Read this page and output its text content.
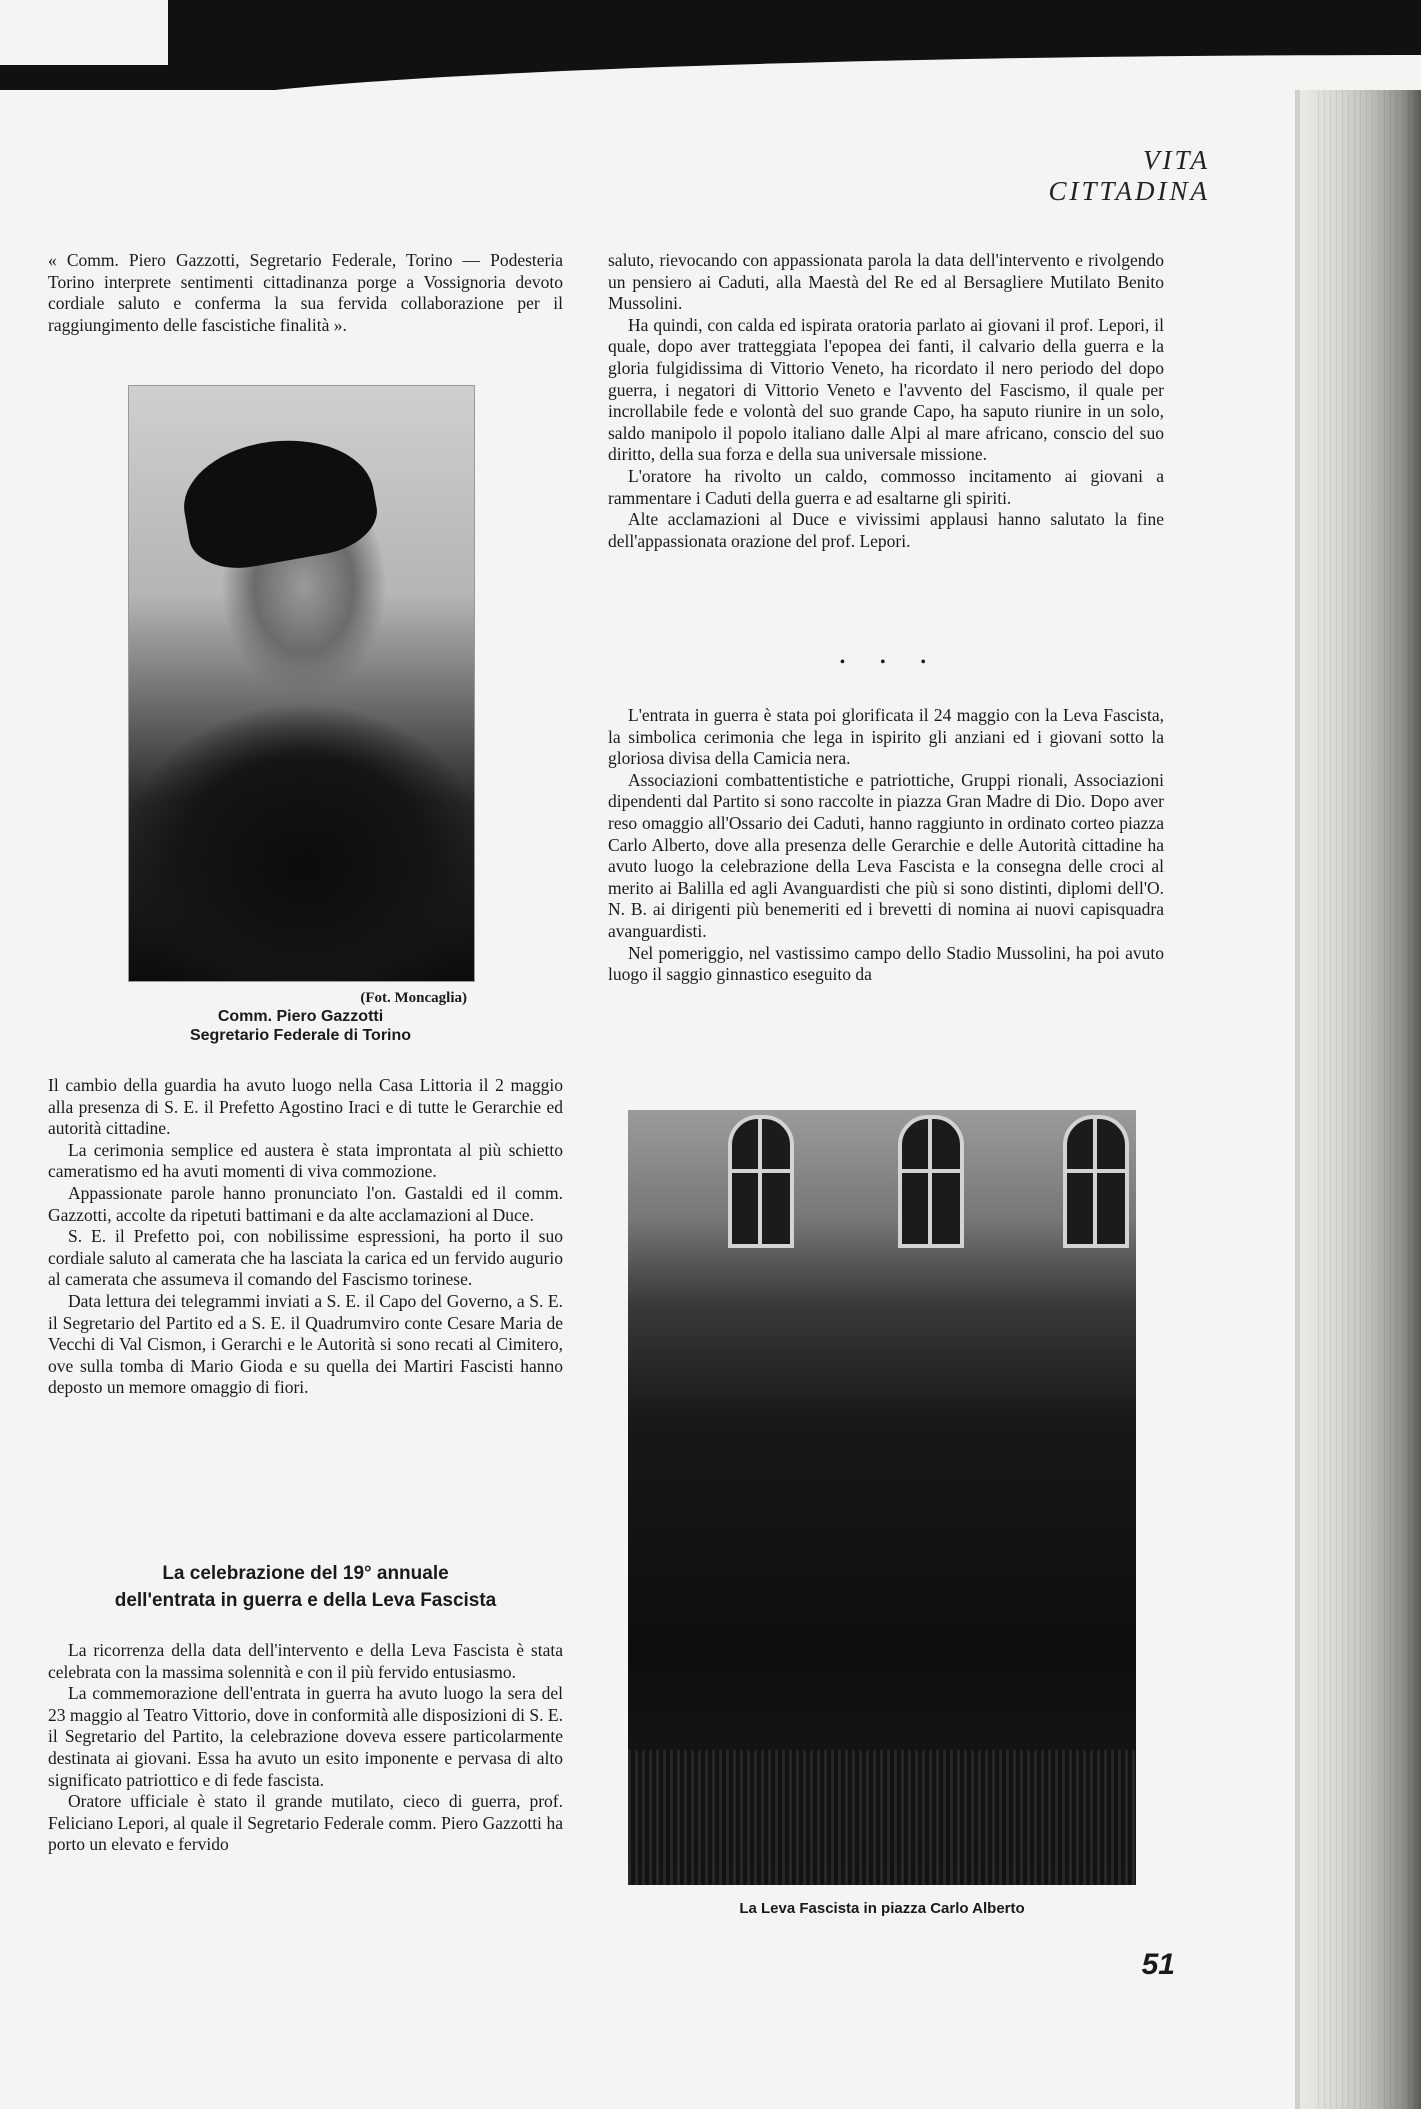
VITA CITTADINA

« Comm. Piero Gazzotti, Segretario Federale, Torino — Podesteria Torino interprete sentimenti cittadinanza porge a Vossignoria devoto cordiale saluto e conferma la sua fervida collaborazione per il raggiungimento delle fascistiche finalità ».

(Fot. Moncaglia)
Comm. Piero Gazzotti
Segretario Federale di Torino

Il cambio della guardia ha avuto luogo nella Casa Littoria il 2 maggio alla presenza di S. E. il Prefetto Agostino Iraci e di tutte le Gerarchie ed autorità cittadine.

La cerimonia semplice ed austera è stata improntata al più schietto cameratismo ed ha avuti momenti di viva commozione.

Appassionate parole hanno pronunciato l'on. Gastaldi ed il comm. Gazzotti, accolte da ripetuti battimani e da alte acclamazioni al Duce.

S. E. il Prefetto poi, con nobilissime espressioni, ha porto il suo cordiale saluto al camerata che ha lasciata la carica ed un fervido augurio al camerata che assumeva il comando del Fascismo torinese.

Data lettura dei telegrammi inviati a S. E. il Capo del Governo, a S. E. il Segretario del Partito ed a S. E. il Quadrumviro conte Cesare Maria de Vecchi di Val Cismon, i Gerarchi e le Autorità si sono recati al Cimitero, ove sulla tomba di Mario Gioda e su quella dei Martiri Fascisti hanno deposto un memore omaggio di fiori.

La celebrazione del 19° annuale
dell'entrata in guerra e della Leva Fascista

La ricorrenza della data dell'intervento e della Leva Fascista è stata celebrata con la massima solennità e con il più fervido entusiasmo.

La commemorazione dell'entrata in guerra ha avuto luogo la sera del 23 maggio al Teatro Vittorio, dove in conformità alle disposizioni di S. E. il Segretario del Partito, la celebrazione doveva essere particolarmente destinata ai giovani. Essa ha avuto un esito imponente e pervasa di alto significato patriottico e di fede fascista.

Oratore ufficiale è stato il grande mutilato, cieco di guerra, prof. Feliciano Lepori, al quale il Segretario Federale comm. Piero Gazzotti ha porto un elevato e fervido

saluto, rievocando con appassionata parola la data dell'intervento e rivolgendo un pensiero ai Caduti, alla Maestà del Re ed al Bersagliere Mutilato Benito Mussolini.

Ha quindi, con calda ed ispirata oratoria parlato ai giovani il prof. Lepori, il quale, dopo aver tratteggiata l'epopea dei fanti, il calvario della guerra e la gloria fulgidissima di Vittorio Veneto, ha ricordato il nero periodo del dopo guerra, i negatori di Vittorio Veneto e l'avvento del Fascismo, il quale per incrollabile fede e volontà del suo grande Capo, ha saputo riunire in un solo, saldo manipolo il popolo italiano dalle Alpi al mare africano, conscio del suo diritto, della sua forza e della sua universale missione.

L'oratore ha rivolto un caldo, commosso incitamento ai giovani a rammentare i Caduti della guerra e ad esaltarne gli spiriti.

Alte acclamazioni al Duce e vivissimi applausi hanno salutato la fine dell'appassionata orazione del prof. Lepori.

• • •

L'entrata in guerra è stata poi glorificata il 24 maggio con la Leva Fascista, la simbolica cerimonia che lega in ispirito gli anziani ed i giovani sotto la gloriosa divisa della Camicia nera.

Associazioni combattentistiche e patriottiche, Gruppi rionali, Associazioni dipendenti dal Partito si sono raccolte in piazza Gran Madre di Dio. Dopo aver reso omaggio all'Ossario dei Caduti, hanno raggiunto in ordinato corteo piazza Carlo Alberto, dove alla presenza delle Gerarchie e delle Autorità cittadine ha avuto luogo la celebrazione della Leva Fascista e la consegna delle croci al merito ai Balilla ed agli Avanguardisti che più si sono distinti, diplomi dell'O. N. B. ai dirigenti più benemeriti ed i brevetti di nomina ai nuovi capisquadra avanguardisti.

Nel pomeriggio, nel vastissimo campo dello Stadio Mussolini, ha poi avuto luogo il saggio ginnastico eseguito da

La Leva Fascista in piazza Carlo Alberto
51
